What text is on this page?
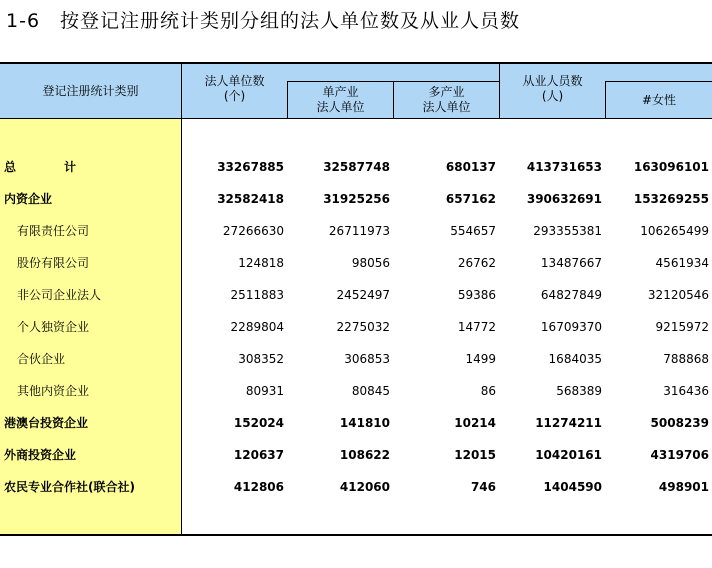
1-6　按登记注册统计类别分组的法人单位数及从业人员数
登记注册统计类别
法人单位数
(个)	单产业
法人单位
多产业
法人单位
从业人员数
(人)	#女性
总　计	33267885	32587748	680137	413731653	163096101
内资企业	32582418	31925256	657162	390632691	153269255
有限责任公司	27266630	26711973	554657	293355381	106265499
股份有限公司	124818	98056	26762	13487667	4561934
非公司企业法人	2511883	2452497	59386	64827849	32120546
个人独资企业	2289804	2275032	14772	16709370	9215972
合伙企业	308352	306853	1499	1684035	788868
其他内资企业	80931	80845	86	568389	316436
港澳台投资企业	152024	141810	10214	11274211	5008239
外商投资企业	120637	108622	12015	10420161	4319706
农民专业合作社(联合社)	412806	412060	746	1404590	498901
